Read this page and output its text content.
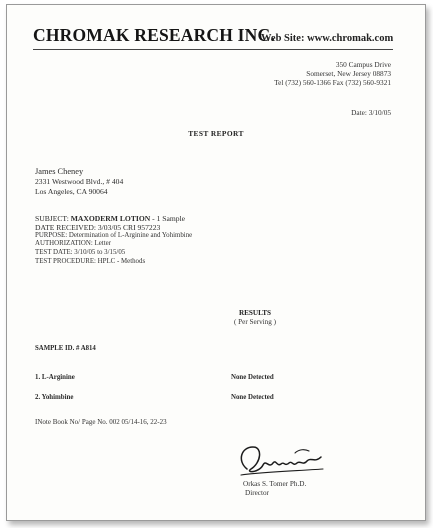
CHROMAK RESEARCH INC.
Web Site: www.chromak.com
350 Campus Drive
Somerset, New Jersey 08873
Tel (732) 560-1366 Fax (732) 560-9321
Date: 3/10/05
TEST REPORT
James Cheney
2331 Westwood Blvd., # 404
Los Angeles, CA 90064
SUBJECT: MAXODERM LOTION - 1 Sample
DATE RECEIVED: 3/03/05 CRI 957223
PURPOSE: Determination of L-Arginine and Yohimbine
AUTHORIZATION: Letter
TEST DATE: 3/10/05 to 3/15/05
TEST PROCEDURE: HPLC - Methods
RESULTS
( Per Serving )
SAMPLE ID. # A814
1. L-Arginine	None Detected
2. Yohimbine	None Detected
INote Book No/ Page No. 002 05/14-16, 22-23
Orkas S. Tomer Ph.D.
Director
